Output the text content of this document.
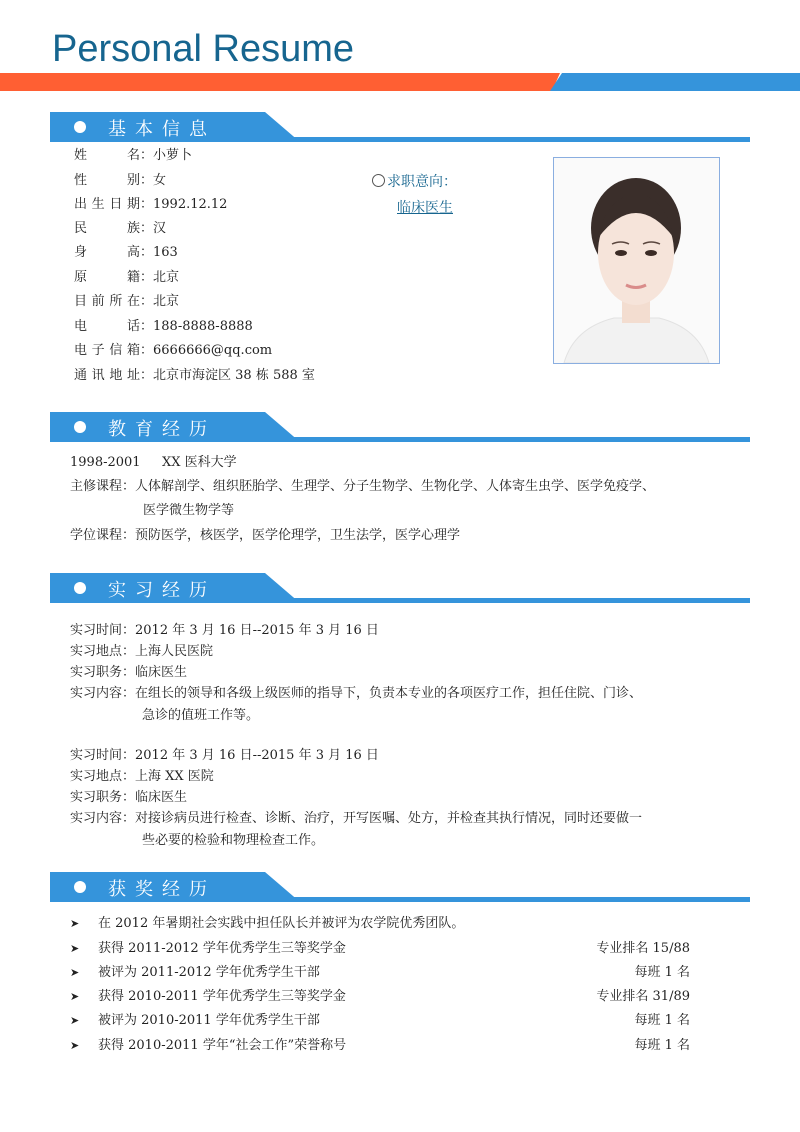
Personal Resume
基本信息
姓名：小萝卜
性别：女
出生日期：1992.12.12
民族：汉
身高：163
原籍：北京
目前所在：北京
电话：188-8888-8888
电子信箱：6666666@qq.com
通讯地址：北京市海淀区 38 栋 588 室
求职意向：
临床医生
教育经历
1998-2001 XX 医科大学
主修课程：人体解剖学、组织胚胎学、生理学、分子生物学、生物化学、人体寄生虫学、医学免疫学、
医学微生物学等
学位课程：预防医学，核医学，医学伦理学，卫生法学，医学心理学
实习经历
实习时间：2012 年 3 月 16 日--2015 年 3 月 16 日
实习地点：上海人民医院
实习职务：临床医生
实习内容：在组长的领导和各级上级医师的指导下，负责本专业的各项医疗工作，担任住院、门诊、
急诊的值班工作等。
实习时间：2012 年 3 月 16 日--2015 年 3 月 16 日
实习地点：上海 XX 医院
实习职务：临床医生
实习内容：对接诊病员进行检查、诊断、治疗，开写医嘱、处方，并检查其执行情况，同时还要做一
些必要的检验和物理检查工作。
获奖经历
➤ 在 2012 年暑期社会实践中担任队长并被评为农学院优秀团队。
➤ 获得 2011-2012 学年优秀学生三等奖学金	专业排名 15/88
➤ 被评为 2011-2012 学年优秀学生干部	每班 1 名
➤ 获得 2010-2011 学年优秀学生三等奖学金	专业排名 31/89
➤ 被评为 2010-2011 学年优秀学生干部	每班 1 名
➤ 获得 2010-2011 学年“社会工作”荣誉称号	每班 1 名
